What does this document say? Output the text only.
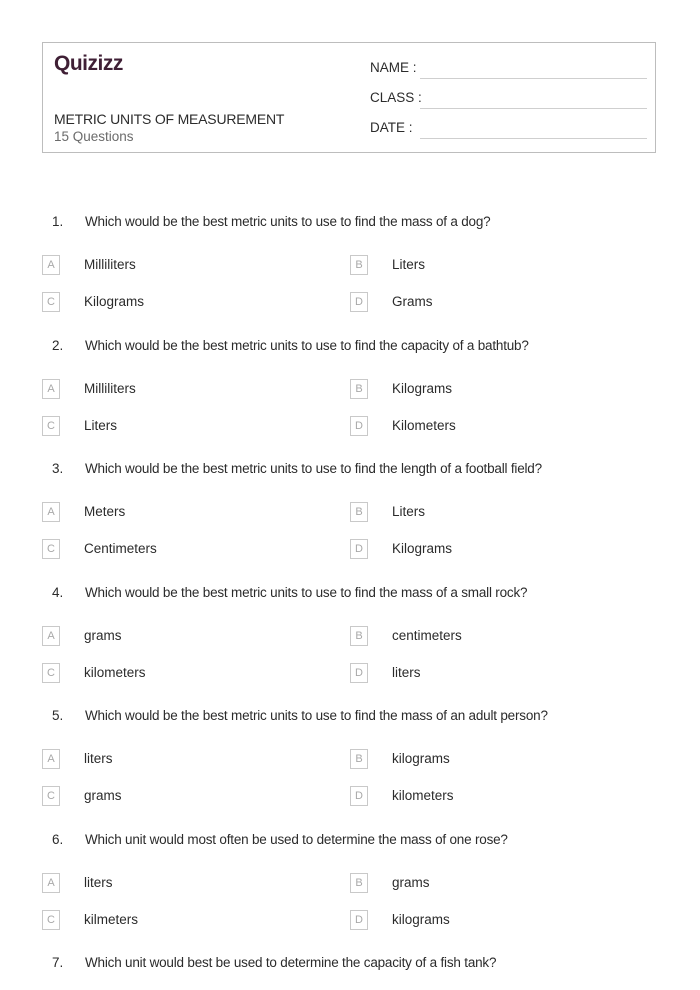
Quizizz
METRIC UNITS OF MEASUREMENT
15 Questions
NAME :
CLASS :
DATE :
1. Which would be the best metric units to use to find the mass of a dog?
A	Milliliters	B	Liters
C	Kilograms	D	Grams
2. Which would be the best metric units to use to find the capacity of a bathtub?
A	Milliliters	B	Kilograms
C	Liters	D	Kilometers
3. Which would be the best metric units to use to find the length of a football field?
A	Meters	B	Liters
C	Centimeters	D	Kilograms
4. Which would be the best metric units to use to find the mass of a small rock?
A	grams	B	centimeters
C	kilometers	D	liters
5. Which would be the best metric units to use to find the mass of an adult person?
A	liters	B	kilograms
C	grams	D	kilometers
6. Which unit would most often be used to determine the mass of one rose?
A	liters	B	grams
C	kilmeters	D	kilograms
7. Which unit would best be used to determine the capacity of a fish tank?
